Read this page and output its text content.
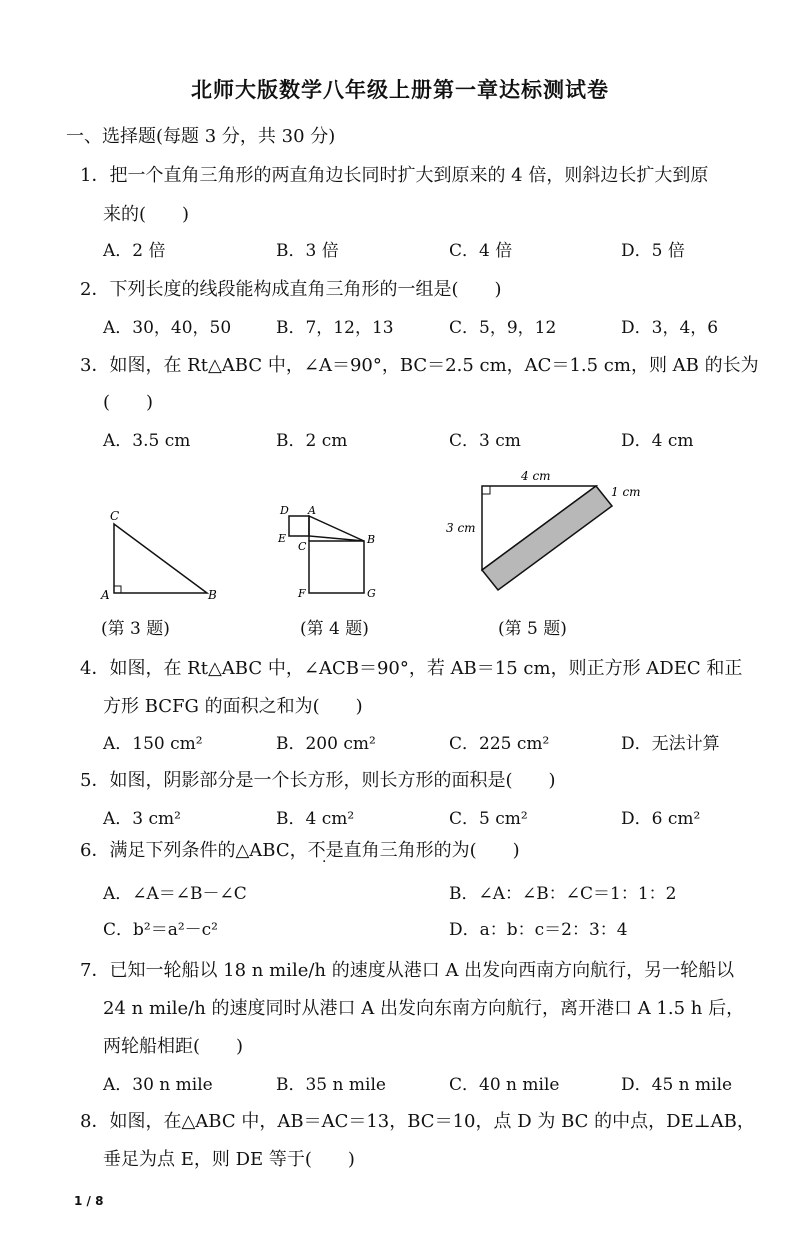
北师大版数学八年级上册第一章达标测试卷
一、选择题(每题 3 分，共 30 分)
1．把一个直角三角形的两直角边长同时扩大到原来的 4 倍，则斜边长扩大到原
来的(　　)
A．2 倍	B．3 倍	C．4 倍	D．5 倍
2．下列长度的线段能构成直角三角形的一组是(　　)
A．30，40，50	B．7，12，13	C．5，9，12	D．3，4，6
3．如图，在 Rt△ABC 中，∠A＝90°，BC＝2.5 cm，AC＝1.5 cm，则 AB 的长为
(　　)
A．3.5 cm	B．2 cm	C．3 cm	D．4 cm
C
A	B
D A
E
C
B
F	G
4 cm
1 cm
3 cm
(第 3 题)	(第 4 题)	(第 5 题)
4．如图，在 Rt△ABC 中，∠ACB＝90°，若 AB＝15 cm，则正方形 ADEC 和正
方形 BCFG 的面积之和为(　　)
A．150 cm²	B．200 cm²	C．225 cm²	D．无法计算
5．如图，阴影部分是一个长方形，则长方形的面积是(　　)
A．3 cm²	B．4 cm²	C．5 cm²	D．6 cm²
6．满足下列条件的△ABC，不是直角三角形的为(　　)
A．∠A＝∠B－∠C	B．∠A：∠B：∠C＝1：1：2
C．b²＝a²－c²	D．a：b：c＝2：3：4
7．已知一轮船以 18 n mile/h 的速度从港口 A 出发向西南方向航行，另一轮船以
24 n mile/h 的速度同时从港口 A 出发向东南方向航行，离开港口 A 1.5 h 后，
两轮船相距(　　)
A．30 n mile	B．35 n mile	C．40 n mile	D．45 n mile
8．如图，在△ABC 中，AB＝AC＝13，BC＝10，点 D 为 BC 的中点，DE⊥AB，
垂足为点 E，则 DE 等于(　　)
1 / 8
